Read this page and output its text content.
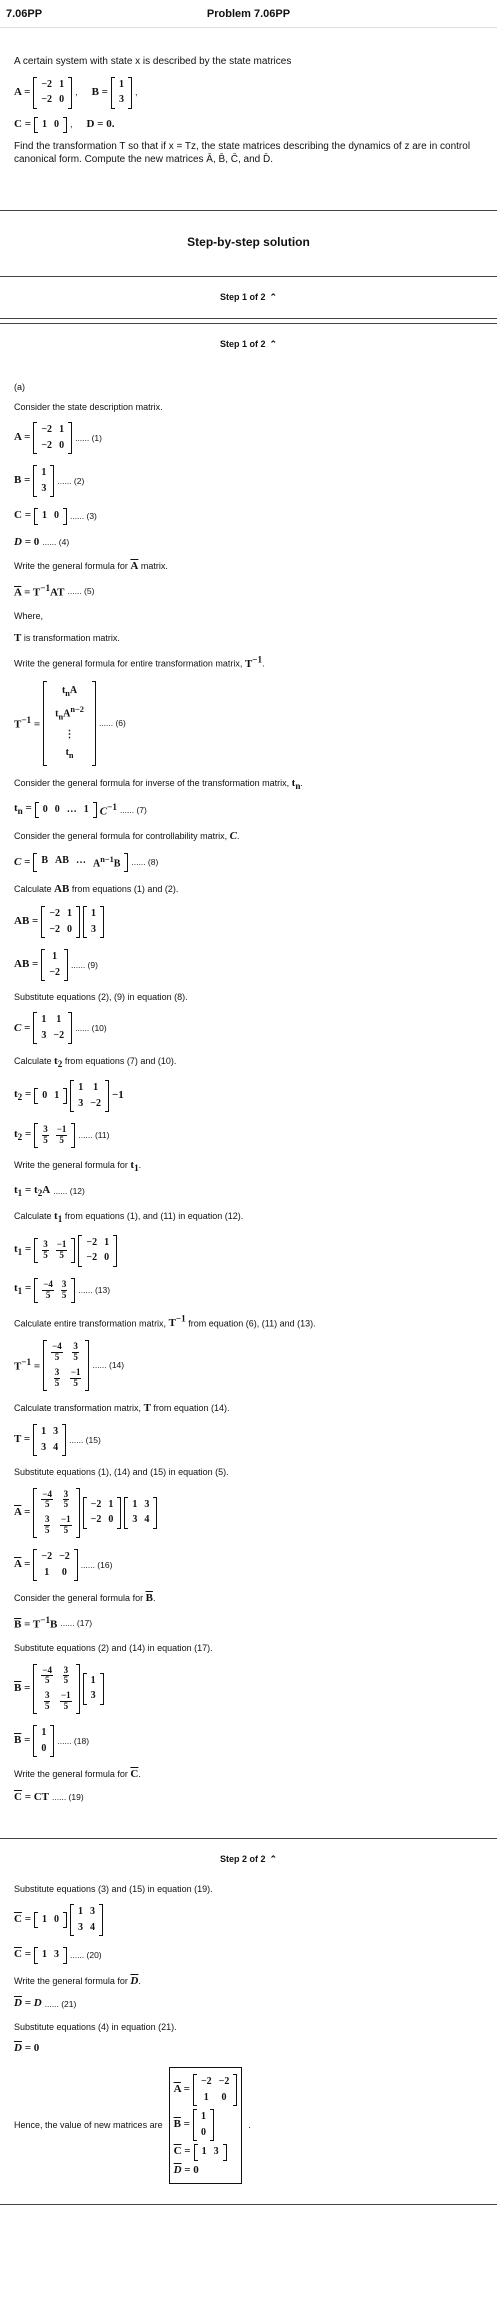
7.06PP	Problem 7.06PP

A certain system with state x is described by the state matrices

A =
−2 1
−2 0
, B =
1
3
,
C = 1 0 , D = 0.

Find the transformation T so that if x = Tz, the state matrices describing the dynamics of z are in control canonical form. Compute the new matrices Ā, B̄, C̄, and D̄.

Step-by-step solution
Step 1 of 2 ⌃
Step 1 of 2 ⌃

(a)

Consider the state description matrix.

A =
−2 1
−2 0
...... (1)
B =
1
3
...... (2)
C = 1 0 ...... (3)
D = 0 ...... (4)

Write the general formula for $\overline{A}$ matrix.

$\overline{A} = T^{-1}AT$ ...... (5)

Where,

T is transformation matrix.

Write the general formula for entire transformation matrix, $T^{-1}$.

$T^{-1}$ =
$t_nA$
$t_nA^{n-2}$
⋮
$t_n$
...... (6)

Consider the general formula for inverse of the transformation matrix, $t_n$.

$t_n = 0$ 0 … 1 $C^{-1}$ ...... (7)

Consider the general formula for controllability matrix, C.

C = B AB … $A^{n-1}B$ ...... (8)

Calculate AB from equations (1) and (2).

AB =
−2 1
−2 0
1
3
AB =
1
−2
...... (9)

Substitute equations (2), (9) in equation (8).

C =
1 1
3 −2
...... (10)

Calculate $t_2$ from equations (7) and (10).

$t_2 = 0$ 1
1 1
3 −2
−1
$t_2 = \frac{3}{5} \frac{-1}{5}$ ...... (11)

Write the general formula for $t_1$.

$t_1 = t_2A$ ...... (12)

Calculate $t_1$ from equations (1), and (11) in equation (12).

$t_1 = \frac{3}{5} \frac{-1}{5} -2$ 1
−2 0
$t_1 = \frac{-4}{5} \frac{3}{5}$ ...... (13)

Calculate entire transformation matrix, $T^{-1}$ from equation (6), (11) and (13).

$T^{-1}$ =
$\frac{-4}{5} \frac{3}{5}$
$\frac{3}{5} \frac{-1}{5}$
...... (14)

Calculate transformation matrix, T from equation (14).

T =
1 3
3 4
...... (15)

Substitute equations (1), (14) and (15) in equation (5).

$\overline{A}$ =
$\frac{-4}{5} \frac{3}{5}$
$\frac{3}{5} \frac{-1}{5}$
−2 1
−2 0
1 3
3 4
$\overline{A}$ =
−2 −2
1 0
...... (16)

Consider the general formula for $\overline{B}$.

$\overline{B} = T^{-1}B$ ...... (17)

Substitute equations (2) and (14) in equation (17).

$\overline{B}$ =
$\frac{-4}{5} \frac{3}{5}$
$\frac{3}{5} \frac{-1}{5}$
1
3
$\overline{B}$ =
1
0
...... (18)

Write the general formula for $\overline{C}$.

$\overline{C}$ = CT ...... (19)
Step 2 of 2 ⌃

Substitute equations (3) and (15) in equation (19).

$\overline{C} = 1$ 0
1 3
3 4
$\overline{C} = 1$ 3 ...... (20)

Write the general formula for $\overline{D}$.

$\overline{D} = D$ ...... (21)

Substitute equations (4) in equation (21).

$\overline{D} = 0$
Hence, the value of new matrices are
$\overline{A}$ =
−2 −2
1 0
$\overline{B}$ =
1
0
$\overline{C} = 1$ 3
$\overline{D} = 0$
.
